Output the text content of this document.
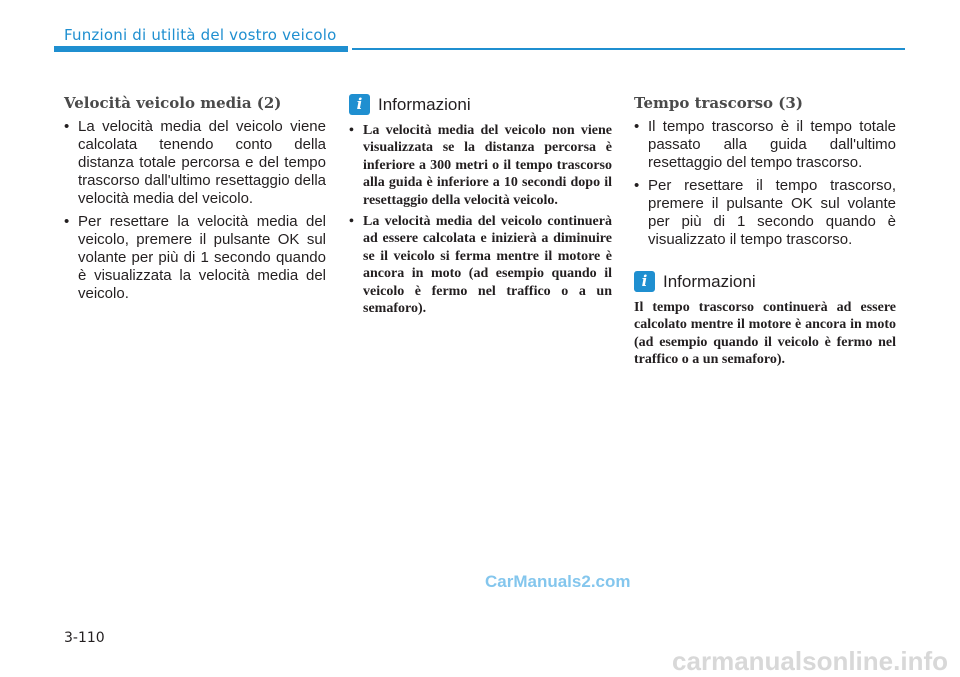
Funzioni di utilità del vostro veicolo
Velocità veicolo media (2)
• La velocità media del veicolo viene calcolata tenendo conto della distanza totale percorsa e del tempo trascorso dall'ultimo resettaggio della velocità media del veicolo.
• Per resettare la velocità media del veicolo, premere il pulsante OK sul volante per più di 1 secondo quando è visualizzata la velocità media del veicolo.
i Informazioni
• La velocità media del veicolo non viene visualizzata se la distanza percorsa è inferiore a 300 metri o il tempo trascorso alla guida è inferiore a 10 secondi dopo il resettaggio della velocità veicolo.
• La velocità media del veicolo continuerà ad essere calcolata e inizierà a diminuire se il veicolo si ferma mentre il motore è ancora in moto (ad esempio quando il veicolo è fermo nel traffico o a un semaforo).
Tempo trascorso (3)
• Il tempo trascorso è il tempo totale passato alla guida dall'ultimo resettaggio del tempo trascorso.
• Per resettare il tempo trascorso, premere il pulsante OK sul volante per più di 1 secondo quando è visualizzato il tempo trascorso.
i Informazioni

Il tempo trascorso continuerà ad essere calcolato mentre il motore è ancora in moto (ad esempio quando il veicolo è fermo nel traffico o a un semaforo).

3-110
CarManuals2.com
carmanualsonline.info
